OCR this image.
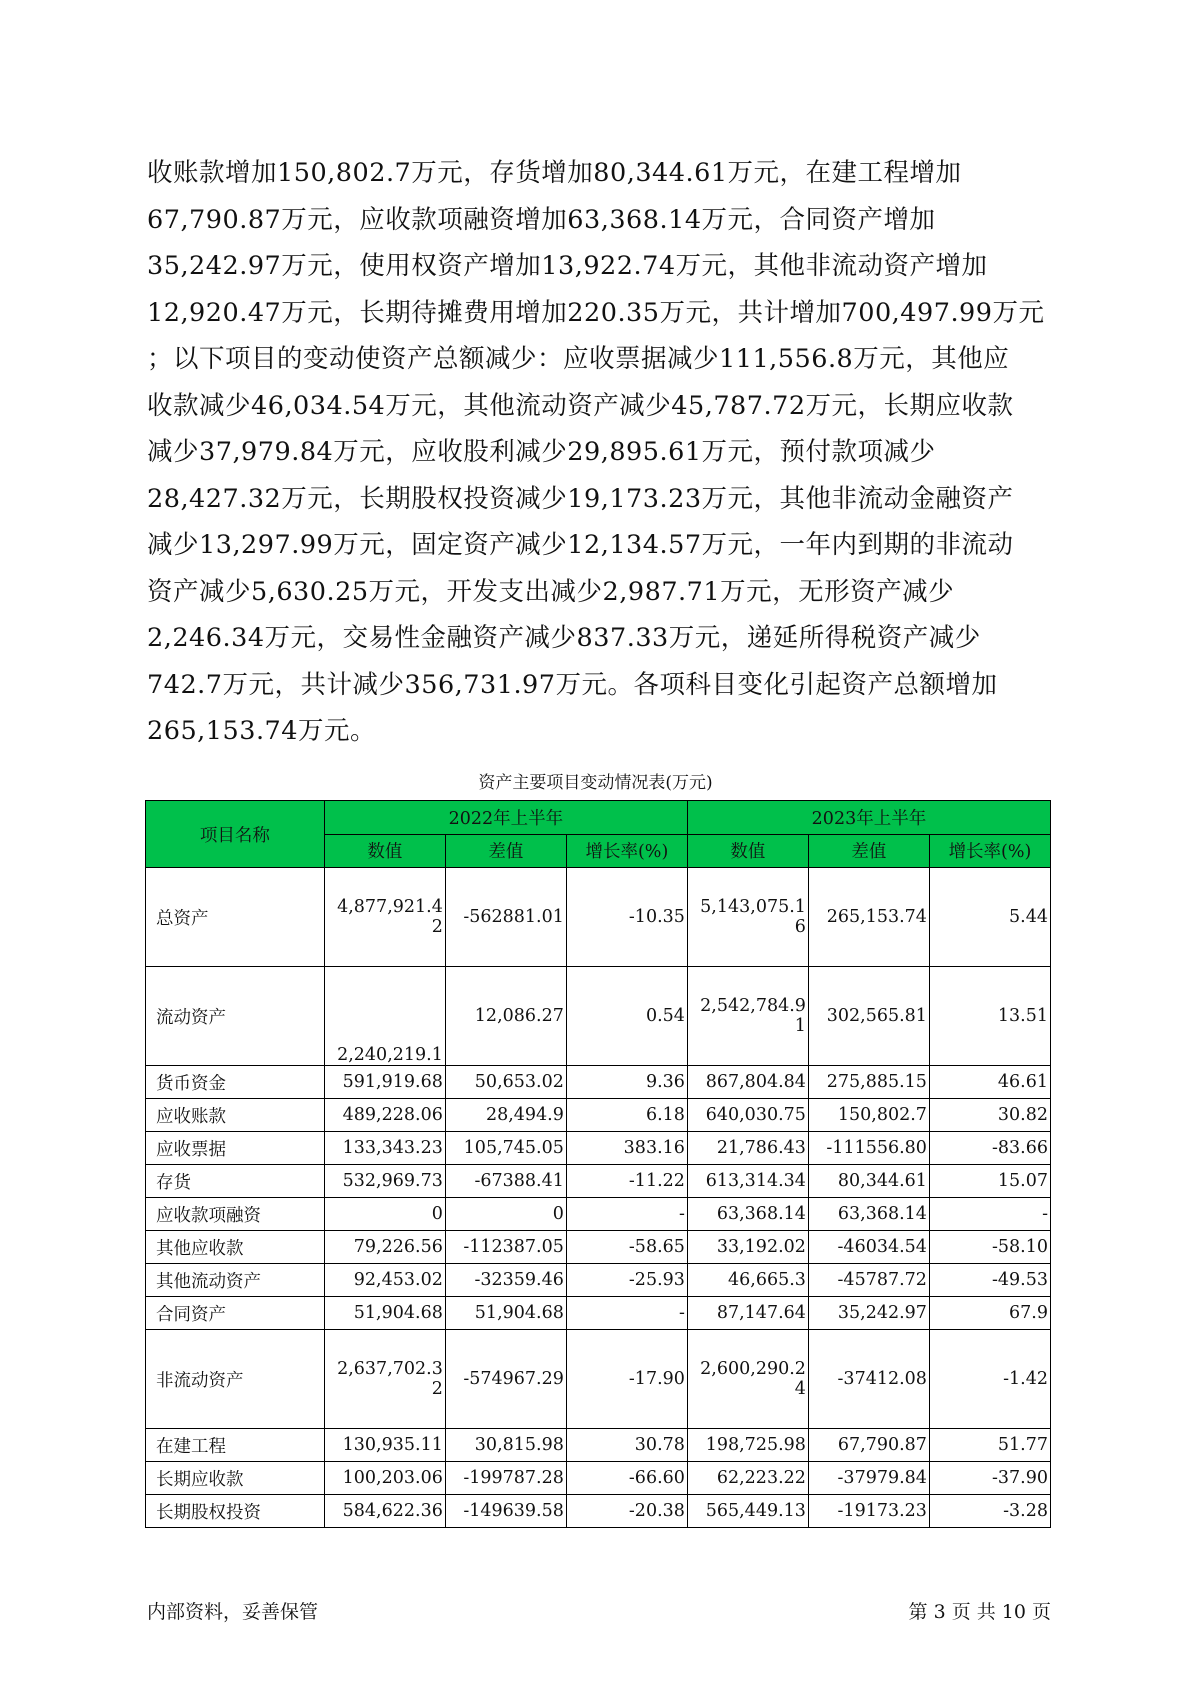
收账款增加150,802.7万元，存货增加80,344.61万元，在建工程增加
67,790.87万元，应收款项融资增加63,368.14万元，合同资产增加
35,242.97万元，使用权资产增加13,922.74万元，其他非流动资产增加
12,920.47万元，长期待摊费用增加220.35万元，共计增加700,497.99万元
；以下项目的变动使资产总额减少：应收票据减少111,556.8万元，其他应
收款减少46,034.54万元，其他流动资产减少45,787.72万元，长期应收款
减少37,979.84万元，应收股利减少29,895.61万元，预付款项减少
28,427.32万元，长期股权投资减少19,173.23万元，其他非流动金融资产
减少13,297.99万元，固定资产减少12,134.57万元，一年内到期的非流动
资产减少5,630.25万元，开发支出减少2,987.71万元，无形资产减少
2,246.34万元，交易性金融资产减少837.33万元，递延所得税资产减少
742.7万元，共计减少356,731.97万元。各项科目变化引起资产总额增加
265,153.74万元。
资产主要项目变动情况表(万元)
项目名称	2022年上半年			2023年上半年		
	数值	差值	增长率(%)	数值	差值	增长率(%)
总资产	4,877,921.42	-562881.01	-10.35	5,143,075.16	265,153.74	5.44
流动资产	2,240,219.1	12,086.27	0.54	2,542,784.91	302,565.81	13.51
货币资金	591,919.68	50,653.02	9.36	867,804.84	275,885.15	46.61
应收账款	489,228.06	28,494.9	6.18	640,030.75	150,802.7	30.82
应收票据	133,343.23	105,745.05	383.16	21,786.43	-111556.80	-83.66
存货	532,969.73	-67388.41	-11.22	613,314.34	80,344.61	15.07
应收款项融资	0	0	-	63,368.14	63,368.14	-
其他应收款	79,226.56	-112387.05	-58.65	33,192.02	-46034.54	-58.10
其他流动资产	92,453.02	-32359.46	-25.93	46,665.3	-45787.72	-49.53
合同资产	51,904.68	51,904.68	-	87,147.64	35,242.97	67.9
非流动资产	2,637,702.32	-574967.29	-17.90	2,600,290.24	-37412.08	-1.42
在建工程	130,935.11	30,815.98	30.78	198,725.98	67,790.87	51.77
长期应收款	100,203.06	-199787.28	-66.60	62,223.22	-37979.84	-37.90
长期股权投资	584,622.36	-149639.58	-20.38	565,449.13	-19173.23	-3.28
内部资料，妥善保管	第 3 页 共 10 页
